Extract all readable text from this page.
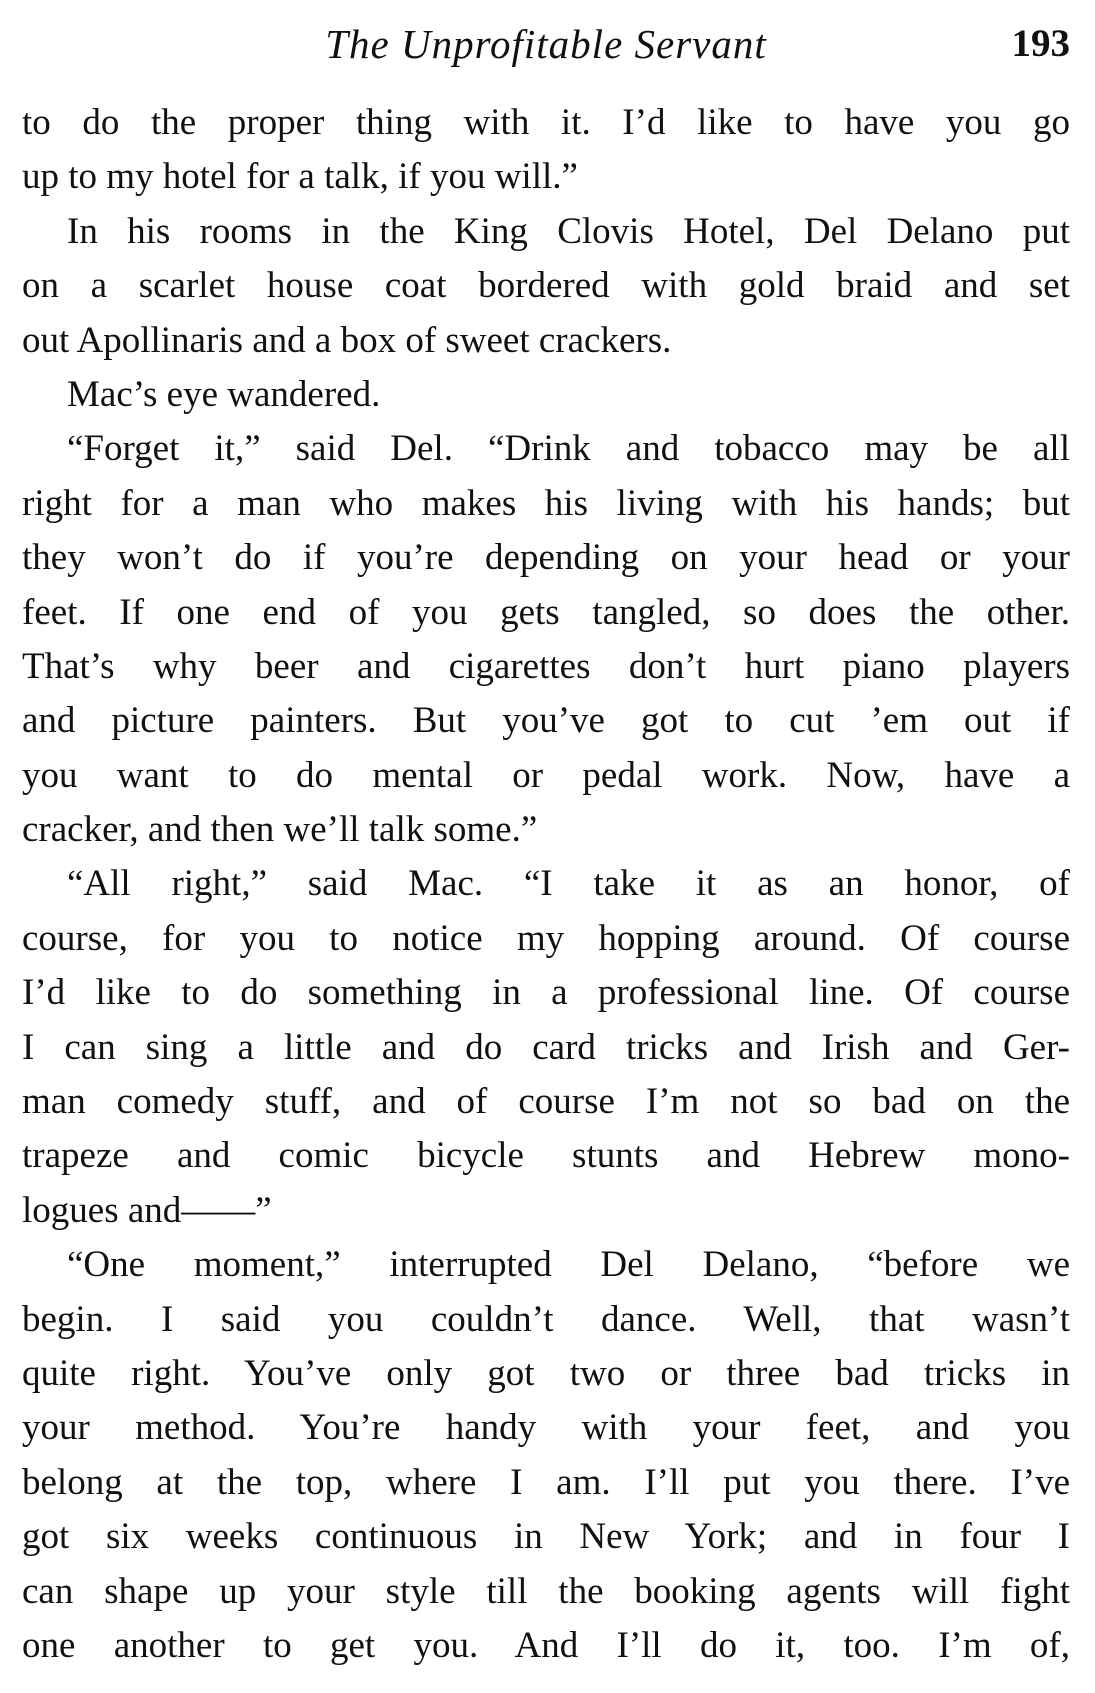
The Unprofitable Servant	193
to do the proper thing with it. I’d like to have you go
up to my hotel for a talk, if you will.”
In his rooms in the King Clovis Hotel, Del Delano put
on a scarlet house coat bordered with gold braid and set
out Apollinaris and a box of sweet crackers.
Mac’s eye wandered.
“Forget it,” said Del. “Drink and tobacco may be all
right for a man who makes his living with his hands; but
they won’t do if you’re depending on your head or your
feet. If one end of you gets tangled, so does the other.
That’s why beer and cigarettes don’t hurt piano players
and picture painters. But you’ve got to cut ’em out if
you want to do mental or pedal work. Now, have a
cracker, and then we’ll talk some.”
“All right,” said Mac. “I take it as an honor, of
course, for you to notice my hopping around. Of course
I’d like to do something in a professional line. Of course
I can sing a little and do card tricks and Irish and Ger-
man comedy stuff, and of course I’m not so bad on the
trapeze and comic bicycle stunts and Hebrew mono-
logues and——”
“One moment,” interrupted Del Delano, “before we
begin. I said you couldn’t dance. Well, that wasn’t
quite right. You’ve only got two or three bad tricks in
your method. You’re handy with your feet, and you
belong at the top, where I am. I’ll put you there. I’ve
got six weeks continuous in New York; and in four I
can shape up your style till the booking agents will fight
one another to get you. And I’ll do it, too. I’m of,
